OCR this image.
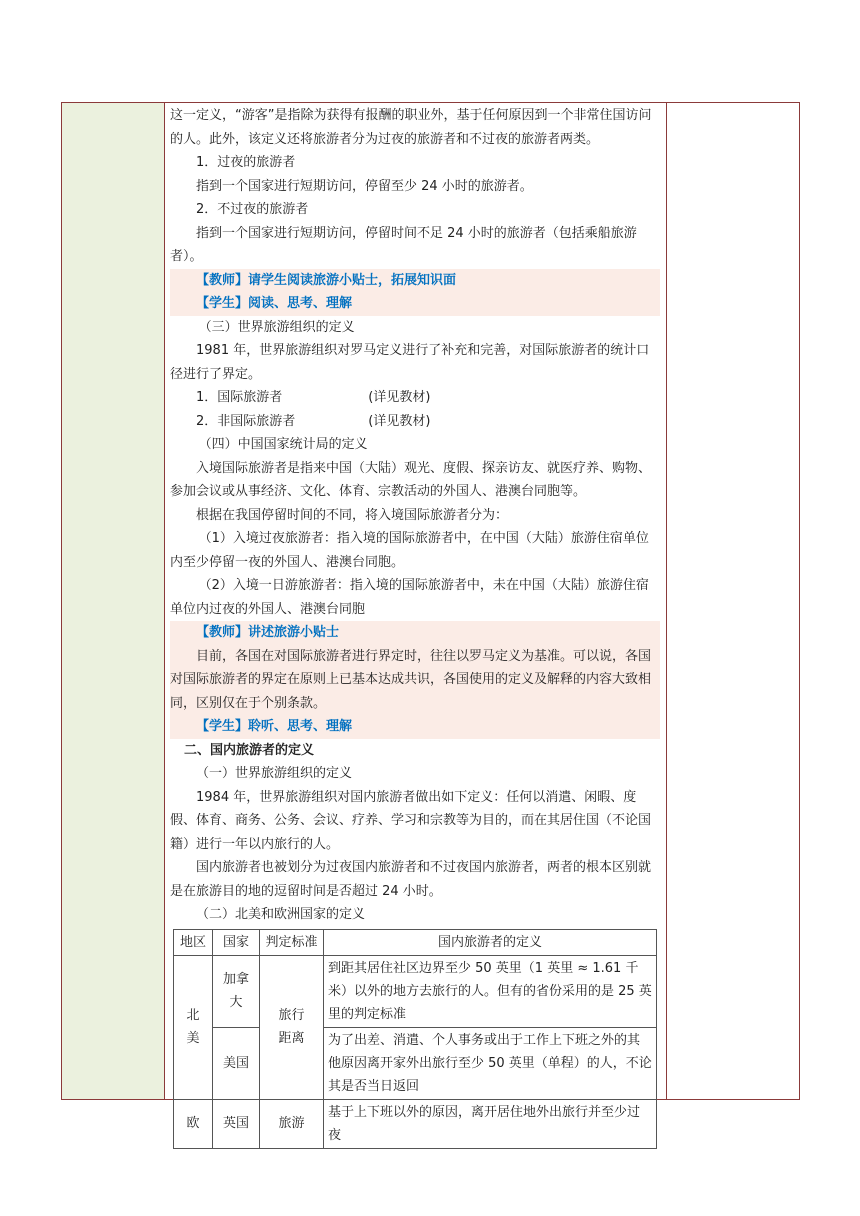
这一定义，“游客”是指除为获得有报酬的职业外，基于任何原因到一个非常住国访问的人。此外，该定义还将旅游者分为过夜的旅游者和不过夜的旅游者两类。

1．过夜的旅游者

指到一个国家进行短期访问，停留至少 24 小时的旅游者。

2．不过夜的旅游者

指到一个国家进行短期访问，停留时间不足 24 小时的旅游者（包括乘船旅游者）。

【教师】请学生阅读旅游小贴士，拓展知识面

【学生】阅读、思考、理解

（三）世界旅游组织的定义

1981 年，世界旅游组织对罗马定义进行了补充和完善，对国际旅游者的统计口径进行了界定。

1．国际旅游者	(详见教材)

2．非国际旅游者	(详见教材)

（四）中国国家统计局的定义

入境国际旅游者是指来中国（大陆）观光、度假、探亲访友、就医疗养、购物、参加会议或从事经济、文化、体育、宗教活动的外国人、港澳台同胞等。

根据在我国停留时间的不同，将入境国际旅游者分为：

（1）入境过夜旅游者：指入境的国际旅游者中，在中国（大陆）旅游住宿单位内至少停留一夜的外国人、港澳台同胞。

（2）入境一日游旅游者：指入境的国际旅游者中，未在中国（大陆）旅游住宿单位内过夜的外国人、港澳台同胞

【教师】讲述旅游小贴士

目前，各国在对国际旅游者进行界定时，往往以罗马定义为基准。可以说，各国对国际旅游者的界定在原则上已基本达成共识，各国使用的定义及解释的内容大致相同，区别仅在于个别条款。

【学生】聆听、思考、理解

二、国内旅游者的定义

（一）世界旅游组织的定义

1984 年，世界旅游组织对国内旅游者做出如下定义：任何以消遣、闲暇、度假、体育、商务、公务、会议、疗养、学习和宗教等为目的，而在其居住国（不论国籍）进行一年以内旅行的人。

国内旅游者也被划分为过夜国内旅游者和不过夜国内旅游者，两者的根本区别就是在旅游目的地的逗留时间是否超过 24 小时。

（二）北美和欧洲国家的定义

地区	国家	判定标准	国内旅游者的定义
北美	加拿大	旅行距离	到距其居住社区边界至少 50 英里（1 英里 ≈ 1.61 千米）以外的地方去旅行的人。但有的省份采用的是 25 英里的判定标准
	美国		为了出差、消遣、个人事务或出于工作上下班之外的其他原因离开家外出旅行至少 50 英里（单程）的人，不论其是否当日返回
欧	英国	旅游	基于上下班以外的原因，离开居住地外出旅行并至少过夜
